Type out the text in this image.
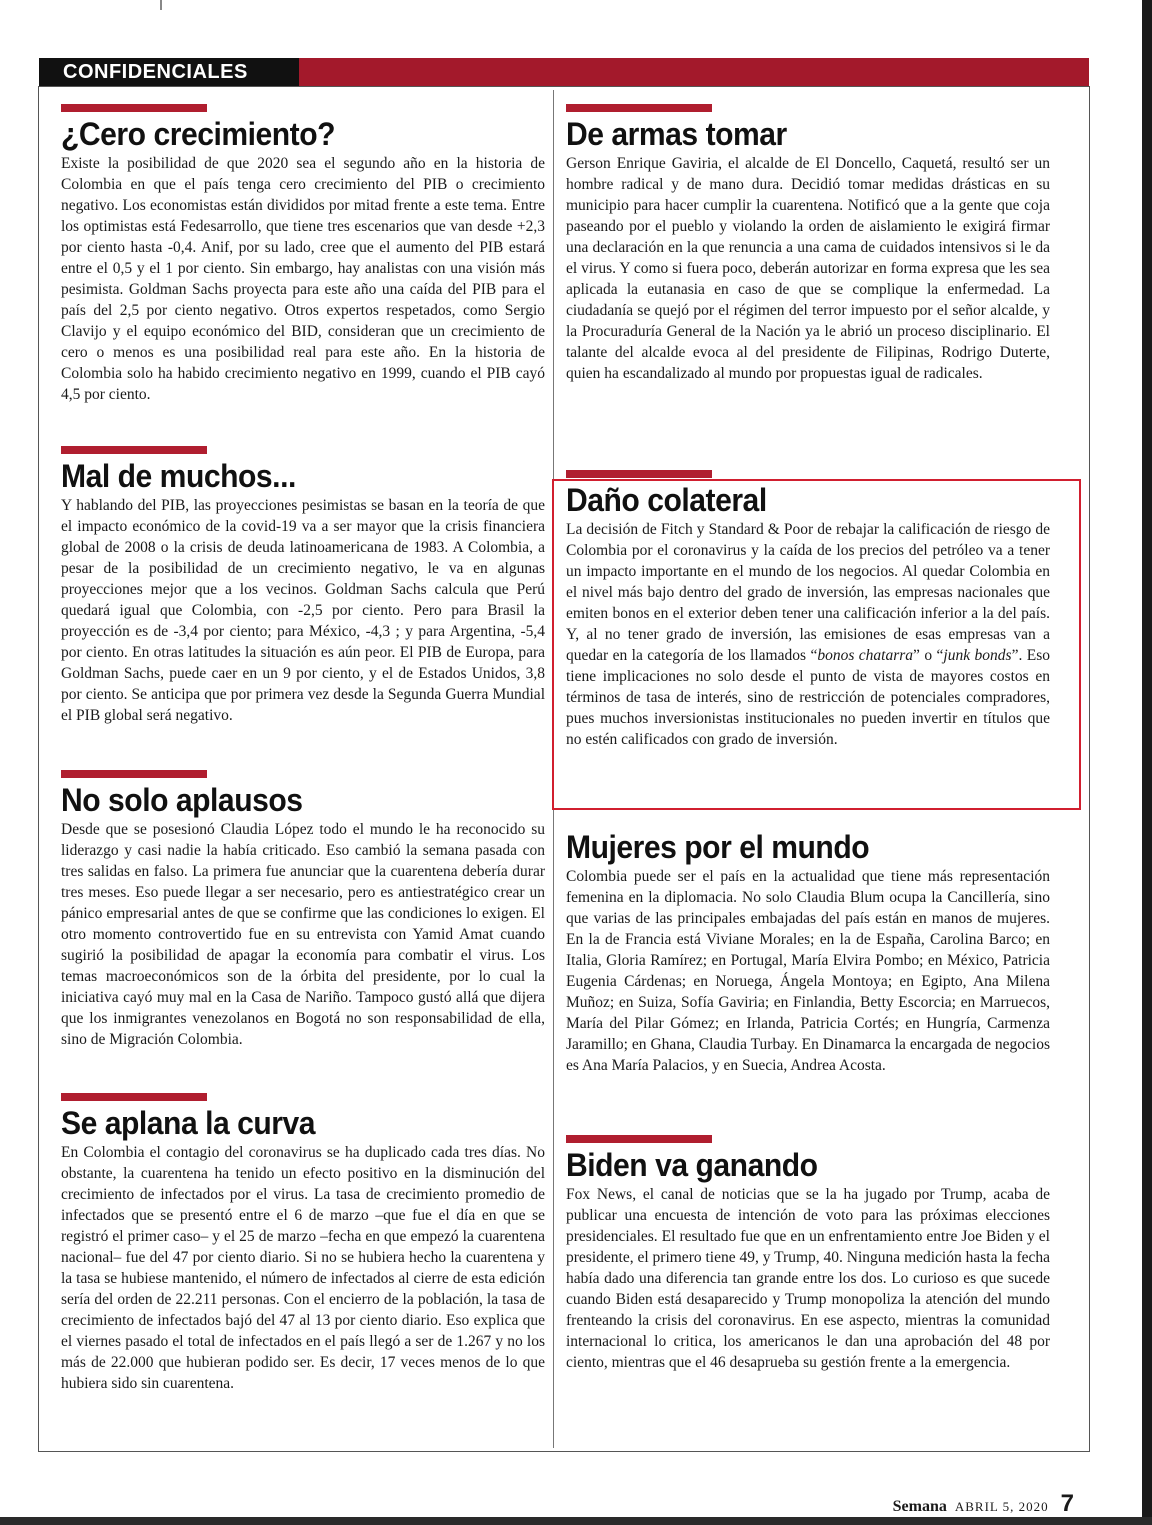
CONFIDENCIALES
¿Cero crecimiento?

Existe la posibilidad de que 2020 sea el segundo año en la historia de Colombia en que el país tenga cero crecimiento del PIB o crecimiento negativo. Los economistas están divididos por mitad frente a este tema. Entre los optimistas está Fedesarrollo, que tiene tres escenarios que van desde +2,3 por ciento hasta -0,4. Anif, por su lado, cree que el aumento del PIB estará entre el 0,5 y el 1 por ciento. Sin embargo, hay analistas con una visión más pesimista. Goldman Sachs proyecta para este año una caída del PIB para el país del 2,5 por ciento negativo. Otros expertos respetados, como Sergio Clavijo y el equipo económico del BID, consideran que un crecimiento de cero o menos es una posibilidad real para este año. En la historia de Colombia solo ha habido crecimiento negativo en 1999, cuando el PIB cayó 4,5 por ciento.

Mal de muchos...

Y hablando del PIB, las proyecciones pesimistas se basan en la teoría de que el impacto económico de la covid-19 va a ser mayor que la crisis financiera global de 2008 o la crisis de deuda latinoamericana de 1983. A Colombia, a pesar de la posibilidad de un crecimiento negativo, le va en algunas proyecciones mejor que a los vecinos. Goldman Sachs calcula que Perú quedará igual que Colombia, con -2,5 por ciento. Pero para Brasil la proyección es de -3,4 por ciento; para México, -4,3 ; y para Argentina, -5,4 por ciento. En otras latitudes la situación es aún peor. El PIB de Europa, para Goldman Sachs, puede caer en un 9 por ciento, y el de Estados Unidos, 3,8 por ciento. Se anticipa que por primera vez desde la Segunda Guerra Mundial el PIB global será negativo.

No solo aplausos

Desde que se posesionó Claudia López todo el mundo le ha reconocido su liderazgo y casi nadie la había criticado. Eso cambió la semana pasada con tres salidas en falso. La primera fue anunciar que la cuarentena debería durar tres meses. Eso puede llegar a ser necesario, pero es antiestratégico crear un pánico empresarial antes de que se confirme que las condiciones lo exigen. El otro momento controvertido fue en su entrevista con Yamid Amat cuando sugirió la posibilidad de apagar la economía para combatir el virus. Los temas macroeconómicos son de la órbita del presidente, por lo cual la iniciativa cayó muy mal en la Casa de Nariño. Tampoco gustó allá que dijera que los inmigrantes venezolanos en Bogotá no son responsabilidad de ella, sino de Migración Colombia.

Se aplana la curva

En Colombia el contagio del coronavirus se ha duplicado cada tres días. No obstante, la cuarentena ha tenido un efecto positivo en la disminución del crecimiento de infectados por el virus. La tasa de crecimiento promedio de infectados que se presentó entre el 6 de marzo –que fue el día en que se registró el primer caso– y el 25 de marzo –fecha en que empezó la cuarentena nacional– fue del 47 por ciento diario. Si no se hubiera hecho la cuarentena y la tasa se hubiese mantenido, el número de infectados al cierre de esta edición sería del orden de 22.211 personas. Con el encierro de la población, la tasa de crecimiento de infectados bajó del 47 al 13 por ciento diario. Eso explica que el viernes pasado el total de infectados en el país llegó a ser de 1.267 y no los más de 22.000 que hubieran podido ser. Es decir, 17 veces menos de lo que hubiera sido sin cuarentena.

De armas tomar

Gerson Enrique Gaviria, el alcalde de El Doncello, Caquetá, resultó ser un hombre radical y de mano dura. Decidió tomar medidas drásticas en su municipio para hacer cumplir la cuarentena. Notificó que a la gente que coja paseando por el pueblo y violando la orden de aislamiento le exigirá firmar una declaración en la que renuncia a una cama de cuidados intensivos si le da el virus. Y como si fuera poco, deberán autorizar en forma expresa que les sea aplicada la eutanasia en caso de que se complique la enfermedad. La ciudadanía se quejó por el régimen del terror impuesto por el señor alcalde, y la Procuraduría General de la Nación ya le abrió un proceso disciplinario. El talante del alcalde evoca al del presidente de Filipinas, Rodrigo Duterte, quien ha escandalizado al mundo por propuestas igual de radicales.

Daño colateral

La decisión de Fitch y Standard & Poor de rebajar la calificación de riesgo de Colombia por el coronavirus y la caída de los precios del petróleo va a tener un impacto importante en el mundo de los negocios. Al quedar Colombia en el nivel más bajo dentro del grado de inversión, las empresas nacionales que emiten bonos en el exterior deben tener una calificación inferior a la del país. Y, al no tener grado de inversión, las emisiones de esas empresas van a quedar en la categoría de los llamados “bonos chatarra” o “junk bonds”. Eso tiene implicaciones no solo desde el punto de vista de mayores costos en términos de tasa de interés, sino de restricción de potenciales compradores, pues muchos inversionistas institucionales no pueden invertir en títulos que no estén calificados con grado de inversión.

Mujeres por el mundo

Colombia puede ser el país en la actualidad que tiene más representación femenina en la diplomacia. No solo Claudia Blum ocupa la Cancillería, sino que varias de las principales embajadas del país están en manos de mujeres. En la de Francia está Viviane Morales; en la de España, Carolina Barco; en Italia, Gloria Ramírez; en Portugal, María Elvira Pombo; en México, Patricia Eugenia Cárdenas; en Noruega, Ángela Montoya; en Egipto, Ana Milena Muñoz; en Suiza, Sofía Gaviria; en Finlandia, Betty Escorcia; en Marruecos, María del Pilar Gómez; en Irlanda, Patricia Cortés; en Hungría, Carmenza Jaramillo; en Ghana, Claudia Turbay. En Dinamarca la encargada de negocios es Ana María Palacios, y en Suecia, Andrea Acosta.

Biden va ganando

Fox News, el canal de noticias que se la ha jugado por Trump, acaba de publicar una encuesta de intención de voto para las próximas elecciones presidenciales. El resultado fue que en un enfrentamiento entre Joe Biden y el presidente, el primero tiene 49, y Trump, 40. Ninguna medición hasta la fecha había dado una diferencia tan grande entre los dos. Lo curioso es que sucede cuando Biden está desaparecido y Trump monopoliza la atención del mundo frenteando la crisis del coronavirus. En ese aspecto, mientras la comunidad internacional lo critica, los americanos le dan una aprobación del 48 por ciento, mientras que el 46 desaprueba su gestión frente a la emergencia.

Semana ABRIL 5, 2020 7
